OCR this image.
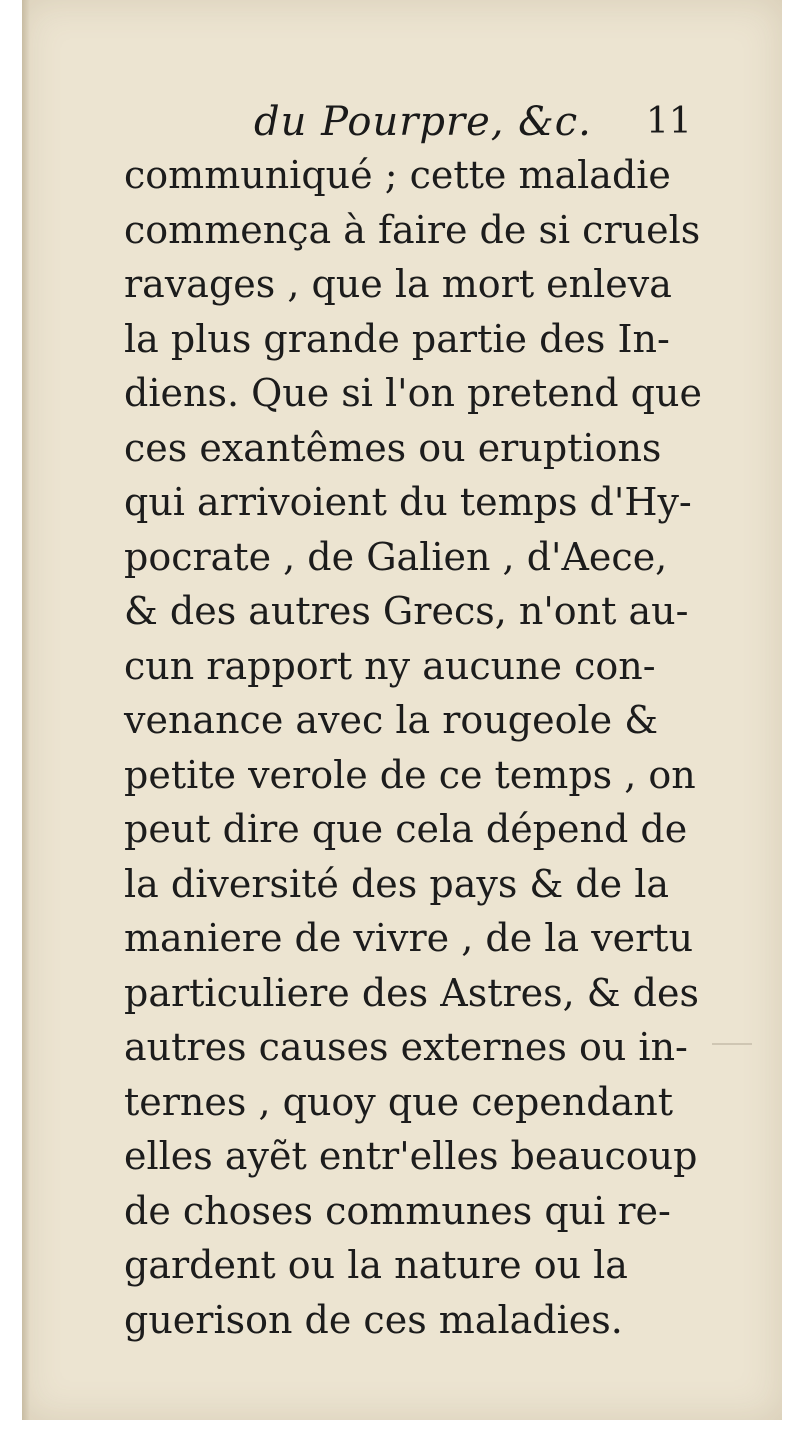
du Pourpre, &c. 11
communiqué ; cette maladie
commença à faire de si cruels
ravages , que la mort enleva
la plus grande partie des In-
diens. Que si l'on pretend que
ces exantêmes ou eruptions
qui arrivoient du temps d'Hy-
pocrate , de Galien , d'Aece,
& des autres Grecs, n'ont au-
cun rapport ny aucune con-
venance avec la rougeole &
petite verole de ce temps , on
peut dire que cela dépend de
la diversité des pays & de la
maniere de vivre , de la vertu
particuliere des Astres, & des
autres causes externes ou in-
ternes , quoy que cependant
elles ayẽt entr'elles beaucoup
de choses communes qui re-
gardent ou la nature ou la
guerison de ces maladies.
